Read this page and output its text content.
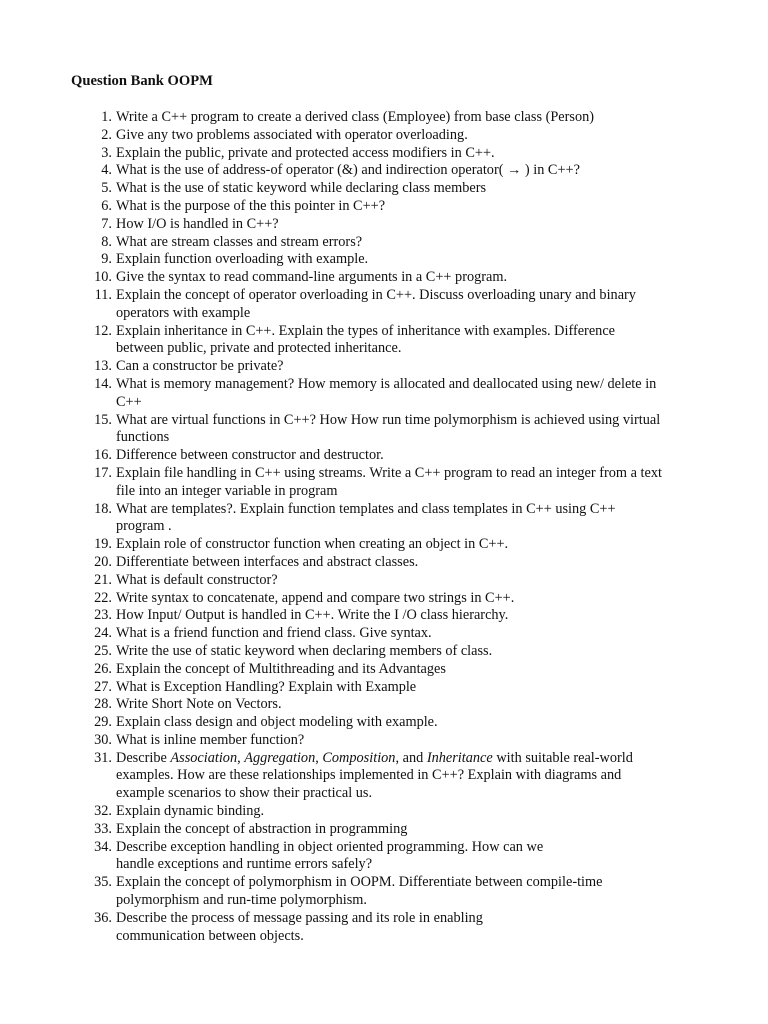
Question Bank OOPM
1. Write a C++ program to create a derived class (Employee) from base class (Person)
2. Give any two problems associated with operator overloading.
3. Explain the public, private and protected access modifiers in C++.
4. What is the use of address-of operator (&) and indirection operator( → ) in C++?
5. What is the use of static keyword while declaring class members
6. What is the purpose of the this pointer in C++?
7. How I/O is handled in C++?
8. What are stream classes and stream errors?
9. Explain function overloading with example.
10. Give the syntax to read command-line arguments in a C++ program.
11. Explain the concept of operator overloading in C++. Discuss overloading unary and binary
operators with example
12. Explain inheritance in C++. Explain the types of inheritance with examples. Difference
between public, private and protected inheritance.
13. Can a constructor be private?
14. What is memory management? How memory is allocated and deallocated using new/ delete in
C++
15. What are virtual functions in C++? How How run time polymorphism is achieved using virtual
functions
16. Difference between constructor and destructor.
17. Explain file handling in C++ using streams. Write a C++ program to read an integer from a text
file into an integer variable in program
18. What are templates?. Explain function templates and class templates in C++ using C++
program .
19. Explain role of constructor function when creating an object in C++.
20. Differentiate between interfaces and abstract classes.
21. What is default constructor?
22. Write syntax to concatenate, append and compare two strings in C++.
23. How Input/ Output is handled in C++. Write the I /O class hierarchy.
24. What is a friend function and friend class. Give syntax.
25. Write the use of static keyword when declaring members of class.
26. Explain the concept of Multithreading and its Advantages
27. What is Exception Handling? Explain with Example
28. Write Short Note on Vectors.
29. Explain class design and object modeling with example.
30. What is inline member function?
31. Describe Association, Aggregation, Composition, and Inheritance with suitable real-world
examples. How are these relationships implemented in C++? Explain with diagrams and
example scenarios to show their practical us.
32. Explain dynamic binding.
33. Explain the concept of abstraction in programming
34. Describe exception handling in object oriented programming. How can we
handle exceptions and runtime errors safely?
35. Explain the concept of polymorphism in OOPM. Differentiate between compile-time
polymorphism and run-time polymorphism.
36. Describe the process of message passing and its role in enabling
communication between objects.
